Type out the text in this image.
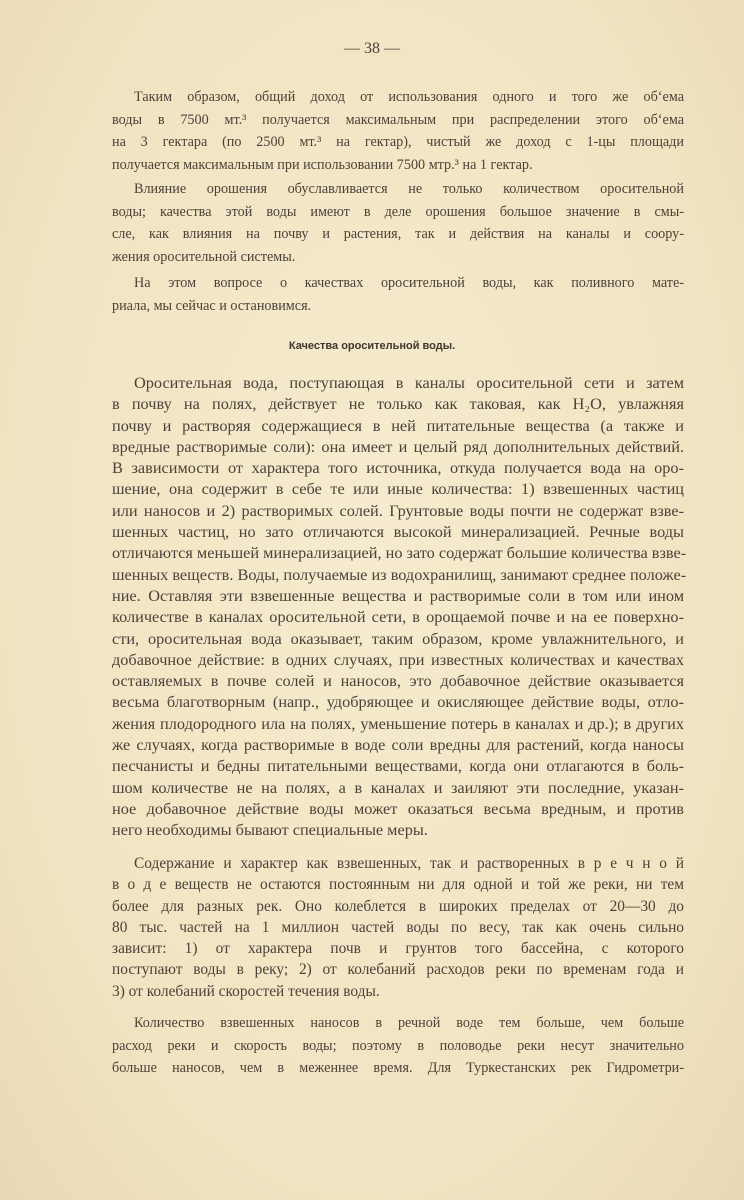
— 38 —
Таким образом, общий доход от использования одного и того же об‘ема
воды в 7500 мт.³ получается максимальным при распределении этого об‘ема
на 3 гектара (по 2500 мт.³ на гектар), чистый же доход с 1-цы площади
получается максимальным при использовании 7500 мтр.³ на 1 гектар.
Влияние орошения обуславливается не только количеством оросительной
воды; качества этой воды имеют в деле орошения большое значение в смы-
сле, как влияния на почву и растения, так и действия на каналы и соору-
жения оросительной системы.
На этом вопросе о качествах оросительной воды, как поливного мате-
риала, мы сейчас и остановимся.
Качества оросительной воды.
Оросительная вода, поступающая в каналы оросительной сети и затем
в почву на полях, действует не только как таковая, как H₂O, увлажняя
почву и растворяя содержащиеся в ней питательные вещества (а также и
вредные растворимые соли): она имеет и целый ряд дополнительных действий.
В зависимости от характера того источника, откуда получается вода на оро-
шение, она содержит в себе те или иные количества: 1) взвешенных частиц
или наносов и 2) растворимых солей. Грунтовые воды почти не содержат взве-
шенных частиц, но зато отличаются высокой минерализацией. Речные воды
отличаются меньшей минерализацией, но зато содержат большие количества взве-
шенных веществ. Воды, получаемые из водохранилищ, занимают среднее положе-
ние. Оставляя эти взвешенные вещества и растворимые соли в том или ином
количестве в каналах оросительной сети, в орощаемой почве и на ее поверхно-
сти, оросительная вода оказывает, таким образом, кроме увлажнительного, и
добавочное действие: в одних случаях, при известных количествах и качествах
оставляемых в почве солей и наносов, это добавочное действие оказывается
весьма благотворным (напр., удобряющее и окисляющее действие воды, отло-
жения плодородного ила на полях, уменьшение потерь в каналах и др.); в других
же случаях, когда растворимые в воде соли вредны для растений, когда наносы
песчанисты и бедны питательными веществами, когда они отлагаются в боль-
шом количестве не на полях, а в каналах и заиляют эти последние, указан-
ное добавочное действие воды может оказаться весьма вредным, и против
него необходимы бывают специальные меры.
Содержание и характер как взвешенных, так и растворенных в р е ч н о й
в о д е веществ не остаются постоянным ни для одной и той же реки, ни тем
более для разных рек. Оно колеблется в широких пределах от 20—30 до
80 тыс. частей на 1 миллион частей воды по весу, так как очень сильно
зависит: 1) от характера почв и грунтов того бассейна, с которого
поступают воды в реку; 2) от колебаний расходов реки по временам года и
3) от колебаний скоростей течения воды.
Количество взвешенных наносов в речной воде тем больше, чем больше
расход реки и скорость воды; поэтому в половодье реки несут значительно
больше наносов, чем в меженнее время. Для Туркестанских рек Гидрометри-
